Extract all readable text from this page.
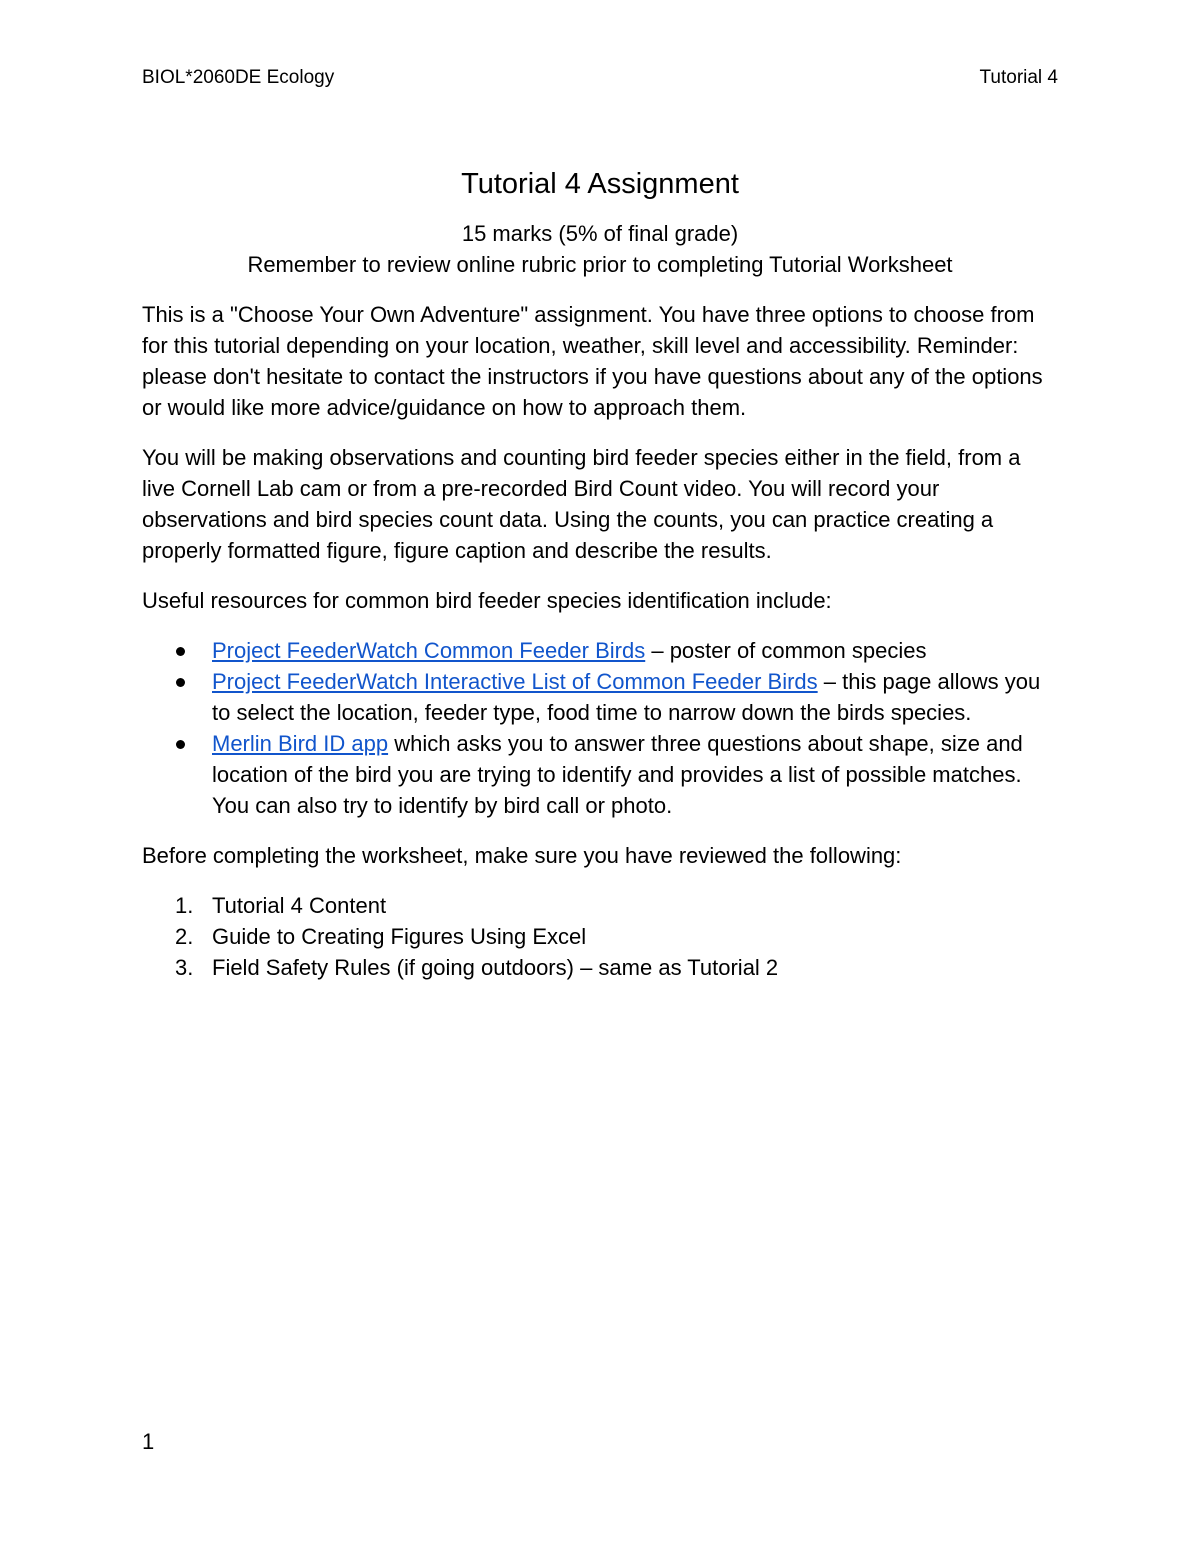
BIOL*2060DE Ecology	Tutorial 4
Tutorial 4 Assignment

15 marks (5% of final grade)

Remember to review online rubric prior to completing Tutorial Worksheet

This is a "Choose Your Own Adventure" assignment. You have three options to choose from for this tutorial depending on your location, weather, skill level and accessibility. Reminder: please don't hesitate to contact the instructors if you have questions about any of the options or would like more advice/guidance on how to approach them.

You will be making observations and counting bird feeder species either in the field, from a live Cornell Lab cam or from a pre-recorded Bird Count video. You will record your observations and bird species count data. Using the counts, you can practice creating a properly formatted figure, figure caption and describe the results.

Useful resources for common bird feeder species identification include:

Project FeederWatch Common Feeder Birds – poster of common species
Project FeederWatch Interactive List of Common Feeder Birds – this page allows you to select the location, feeder type, food time to narrow down the birds species.
Merlin Bird ID app which asks you to answer three questions about shape, size and location of the bird you are trying to identify and provides a list of possible matches. You can also try to identify by bird call or photo.

Before completing the worksheet, make sure you have reviewed the following:

1. Tutorial 4 Content
2. Guide to Creating Figures Using Excel
3. Field Safety Rules (if going outdoors) – same as Tutorial 2
1
